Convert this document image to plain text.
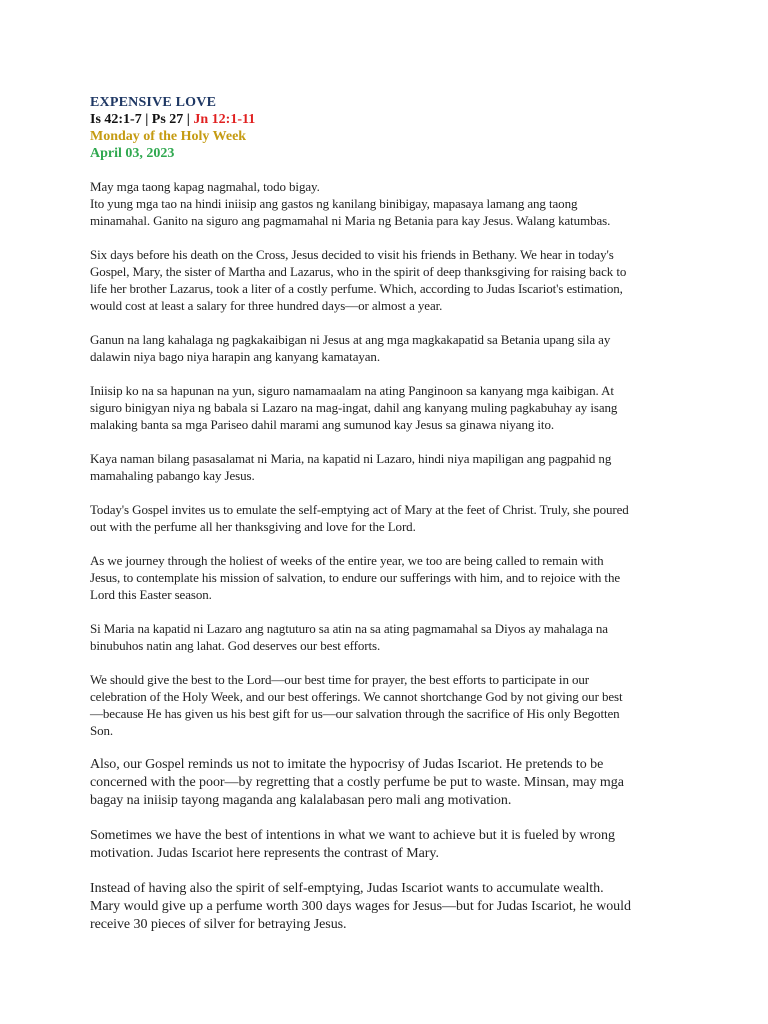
EXPENSIVE LOVE
Is 42:1-7 | Ps 27 | Jn 12:1-11
Monday of the Holy Week
April 03, 2023

May mga taong kapag nagmahal, todo bigay.
Ito yung mga tao na hindi iniisip ang gastos ng kanilang binibigay, mapasaya lamang ang taong
minamahal. Ganito na siguro ang pagmamahal ni Maria ng Betania para kay Jesus. Walang katumbas.

Six days before his death on the Cross, Jesus decided to visit his friends in Bethany. We hear in today's
Gospel, Mary, the sister of Martha and Lazarus, who in the spirit of deep thanksgiving for raising back to
life her brother Lazarus, took a liter of a costly perfume. Which, according to Judas Iscariot's estimation,
would cost at least a salary for three hundred days—or almost a year.

Ganun na lang kahalaga ng pagkakaibigan ni Jesus at ang mga magkakapatid sa Betania upang sila ay
dalawin niya bago niya harapin ang kanyang kamatayan.

Iniisip ko na sa hapunan na yun, siguro namamaalam na ating Panginoon sa kanyang mga kaibigan. At
siguro binigyan niya ng babala si Lazaro na mag-ingat, dahil ang kanyang muling pagkabuhay ay isang
malaking banta sa mga Pariseo dahil marami ang sumunod kay Jesus sa ginawa niyang ito.

Kaya naman bilang pasasalamat ni Maria, na kapatid ni Lazaro, hindi niya mapiligan ang pagpahid ng
mamahaling pabango kay Jesus.

Today's Gospel invites us to emulate the self-emptying act of Mary at the feet of Christ. Truly, she poured
out with the perfume all her thanksgiving and love for the Lord.

As we journey through the holiest of weeks of the entire year, we too are being called to remain with
Jesus, to contemplate his mission of salvation, to endure our sufferings with him, and to rejoice with the
Lord this Easter season.

Si Maria na kapatid ni Lazaro ang nagtuturo sa atin na sa ating pagmamahal sa Diyos ay mahalaga na
binubuhos natin ang lahat. God deserves our best efforts.

We should give the best to the Lord—our best time for prayer, the best efforts to participate in our
celebration of the Holy Week, and our best offerings. We cannot shortchange God by not giving our best
—because He has given us his best gift for us—our salvation through the sacrifice of His only Begotten
Son.

Also, our Gospel reminds us not to imitate the hypocrisy of Judas Iscariot. He pretends to be
concerned with the poor—by regretting that a costly perfume be put to waste. Minsan, may mga
bagay na iniisip tayong maganda ang kalalabasan pero mali ang motivation.

Sometimes we have the best of intentions in what we want to achieve but it is fueled by wrong
motivation. Judas Iscariot here represents the contrast of Mary.

Instead of having also the spirit of self-emptying, Judas Iscariot wants to accumulate wealth.
Mary would give up a perfume worth 300 days wages for Jesus—but for Judas Iscariot, he would
receive 30 pieces of silver for betraying Jesus.
